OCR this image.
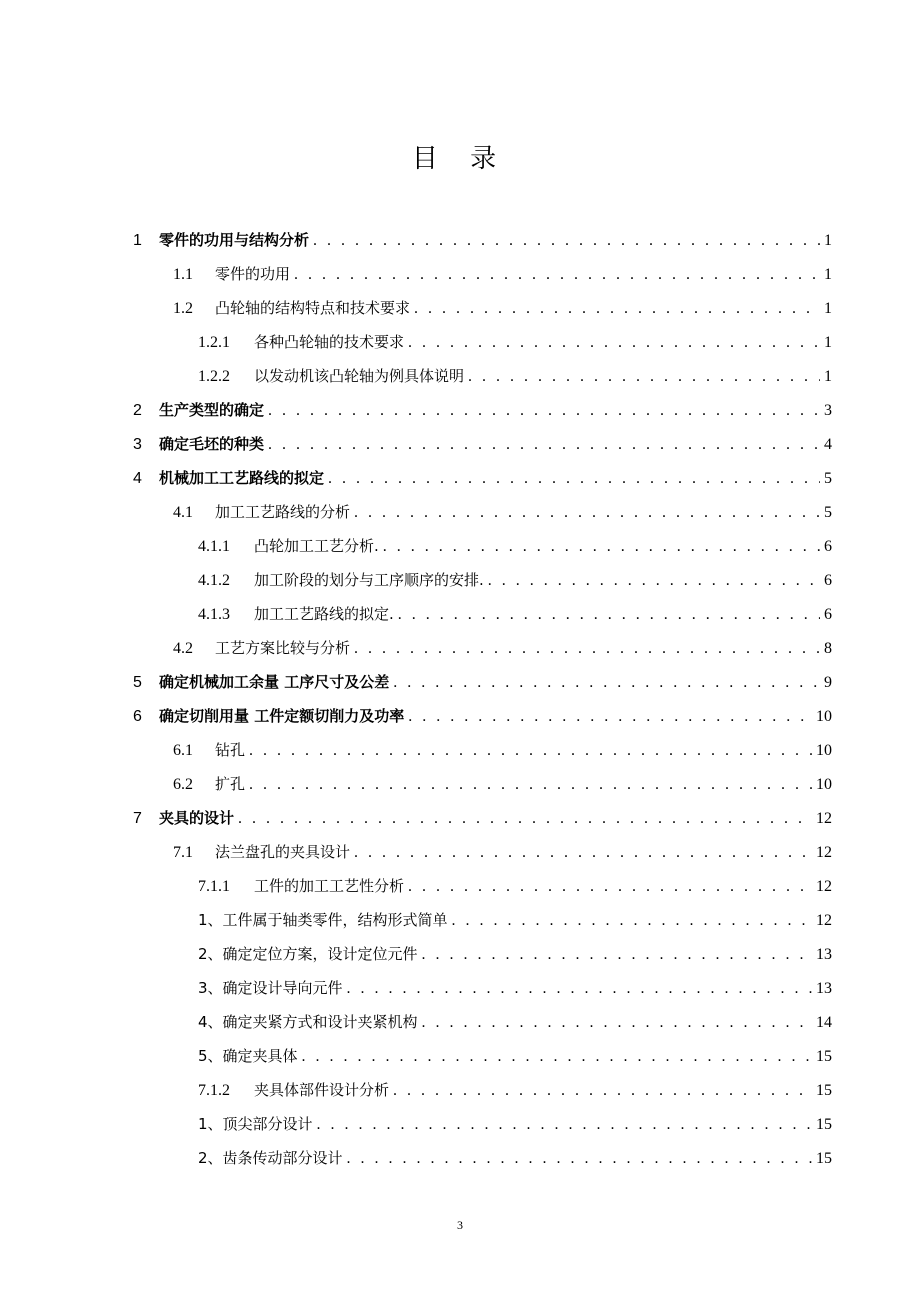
目 录
1	零件的功用与结构分析 . . .	1
1.1	零件的功用 . . .	1
1.2	凸轮轴的结构特点和技术要求 . . .	1
1.2.1	各种凸轮轴的技术要求 . . .	1
1.2.2	以发动机该凸轮轴为例具体说明 . . .	1
2	生产类型的确定 . . .	3
3	确定毛坯的种类 . . .	4
4	机械加工工艺路线的拟定 . . .	5
4.1	加工工艺路线的分析 . . .	5
4.1.1	凸轮加工工艺分析. . . .	6
4.1.2	加工阶段的划分与工序顺序的安排. . . .	6
4.1.3	加工工艺路线的拟定. . . .	6
4.2	工艺方案比较与分析 . . .	8
5	确定机械加工余量 工序尺寸及公差 . . .	9
6	确定切削用量 工件定额切削力及功率 . . .	10
6.1	钻孔 . . .	10
6.2	扩孔 . . .	10
7	夹具的设计 . . .	12
7.1	法兰盘孔的夹具设计 . . .	12
7.1.1	工件的加工工艺性分析 . . .	12
1、工件属于轴类零件，结构形式简单 . . .	12
2、确定定位方案，设计定位元件 . . .	13
3、确定设计导向元件 . . .	13
4、确定夹紧方式和设计夹紧机构 . . .	14
5、确定夹具体 . . .	15
7.1.2	夹具体部件设计分析 . . .	15
1、顶尖部分设计 . . .	15
2、齿条传动部分设计 . . .	15
3
